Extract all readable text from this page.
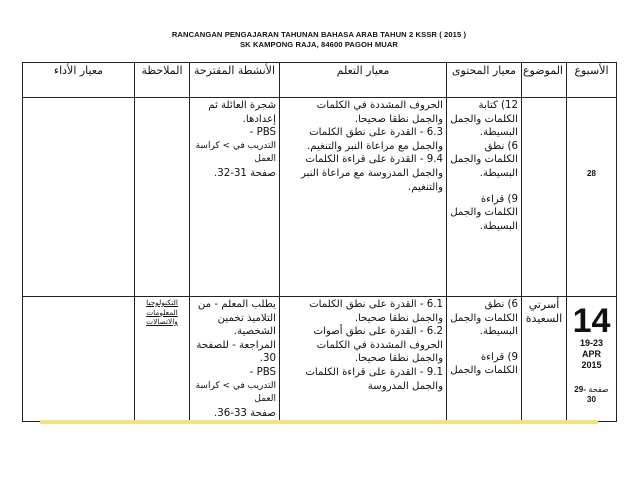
RANCANGAN PENGAJARAN TAHUNAN BAHASA ARAB TAHUN 2 KSSR ( 2015 )
SK KAMPONG RAJA, 84600 PAGOH MUAR
معيار الأداء	الملاحظة	الأنشطة المقترحة	معيار التعلم	معيار المحتوى	الموضوع	الأسبوع

		شجرة العائلة ثم إعدادها.
PBS -
التدريب في > كراسة العمل
صفحة 31-32.	الحروف المشددة في الكلمات والجمل نطقا صحيحا.
6.3 - القدرة على نطق الكلمات والجمل مع مراعاة النبر والتنغيم.
9.4 - القدرة على قراءة الكلمات والجمل المدروسة مع مراعاة النبر والتنغيم.	12) كتابة الكلمات والجمل البسيطة.
6) نطق الكلمات والجمل البسيطة.
9) قراءة الكلمات والجمل البسيطة.		28

	التكنولوجيا المعلومات والاتصالات	يطلب المعلم - من التلاميذ تخمين الشخصية.
المراجعة - للصفحة 30.
PBS -
التدريب في > كراسة العمل
صفحة 33-36.	6.1 - القدرة على نطق الكلمات والجمل نطقا صحيحا.
6.2 - القدرة على نطق أصوات الحروف المشددة في الكلمات والجمل نطقا صحيحا.
9.1 - القدرة على قراءة الكلمات والجمل المدروسة	6) نطق الكلمات والجمل البسيطة.
9) قراءة الكلمات والجمل	أسرتي السعيدة	14
19-23
APR
2015
صفحة 29-30
